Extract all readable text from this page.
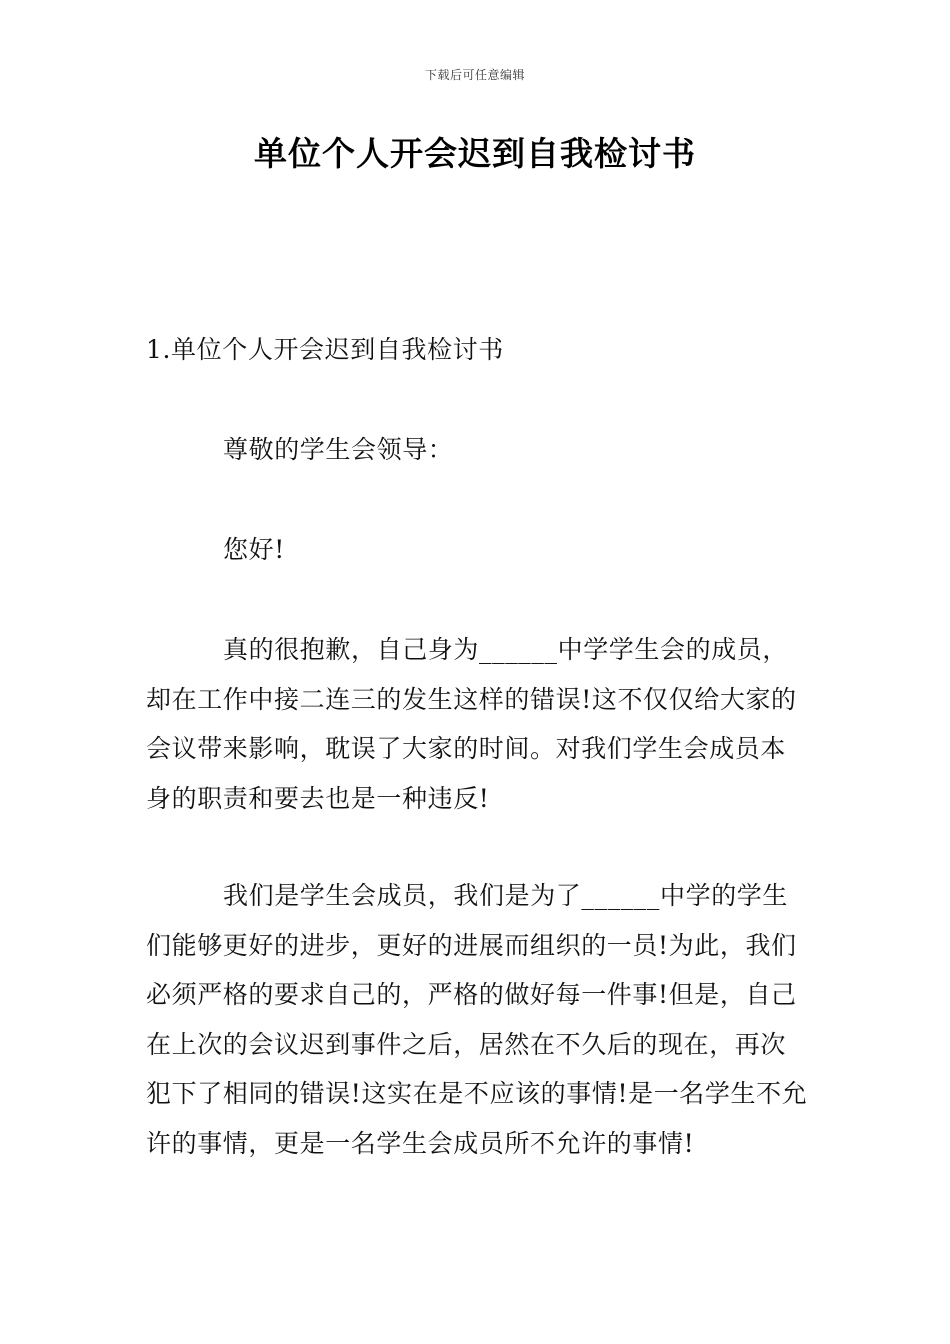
下载后可任意编辑
单位个人开会迟到自我检讨书

1.单位个人开会迟到自我检讨书

尊敬的学生会领导：

您好!

真的很抱歉，自己身为______中学学生会的成员，却在工作中接二连三的发生这样的错误!这不仅仅给大家的会议带来影响，耽误了大家的时间。对我们学生会成员本身的职责和要去也是一种违反!

我们是学生会成员，我们是为了______中学的学生们能够更好的进步，更好的进展而组织的一员!为此，我们必须严格的要求自己的，严格的做好每一件事!但是，自己在上次的会议迟到事件之后，居然在不久后的现在，再次犯下了相同的错误!这实在是不应该的事情!是一名学生不允许的事情，更是一名学生会成员所不允许的事情!
